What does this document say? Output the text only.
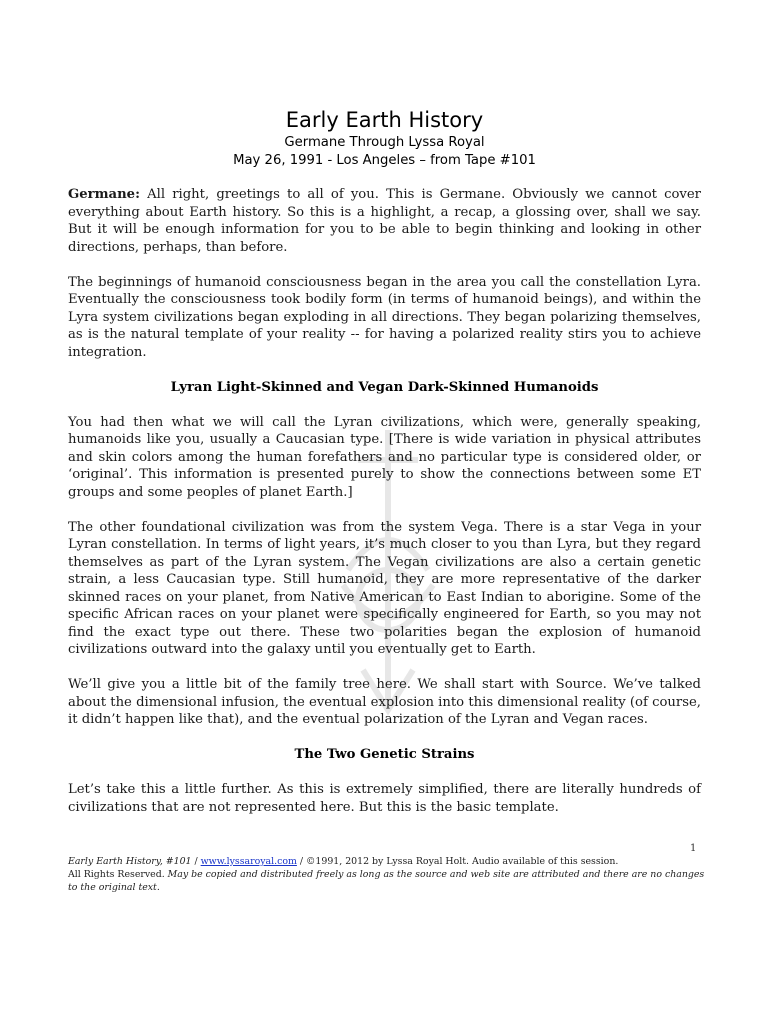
Early Earth History
Germane Through Lyssa Royal
May 26, 1991 - Los Angeles – from Tape #101

Germane: All right, greetings to all of you. This is Germane. Obviously we cannot cover everything about Earth history. So this is a highlight, a recap, a glossing over, shall we say. But it will be enough information for you to be able to begin thinking and looking in other directions, perhaps, than before.

The beginnings of humanoid consciousness began in the area you call the constellation Lyra. Eventually the consciousness took bodily form (in terms of humanoid beings), and within the Lyra system civilizations began exploding in all directions. They began polarizing themselves, as is the natural template of your reality -- for having a polarized reality stirs you to achieve integration.

Lyran Light-Skinned and Vegan Dark-Skinned Humanoids

You had then what we will call the Lyran civilizations, which were, generally speaking, humanoids like you, usually a Caucasian type. [There is wide variation in physical attributes and skin colors among the human forefathers and no particular type is considered older, or ‘original’. This information is presented purely to show the connections between some ET groups and some peoples of planet Earth.]

The other foundational civilization was from the system Vega. There is a star Vega in your Lyran constellation. In terms of light years, it’s much closer to you than Lyra, but they regard themselves as part of the Lyran system. The Vegan civilizations are also a certain genetic strain, a less Caucasian type. Still humanoid, they are more representative of the darker skinned races on your planet, from Native American to East Indian to aborigine. Some of the specific African races on your planet were specifically engineered for Earth, so you may not find the exact type out there. These two polarities began the explosion of humanoid civilizations outward into the galaxy until you eventually get to Earth.

We’ll give you a little bit of the family tree here. We shall start with Source. We’ve talked about the dimensional infusion, the eventual explosion into this dimensional reality (of course, it didn’t happen like that), and the eventual polarization of the Lyran and Vegan races.

The Two Genetic Strains

Let’s take this a little further. As this is extremely simplified, there are literally hundreds of civilizations that are not represented here. But this is the basic template.

1
Early Earth History, #101 / www.lyssaroyal.com / ©1991, 2012 by Lyssa Royal Holt. Audio available of this session.
All Rights Reserved. May be copied and distributed freely as long as the source and web site are attributed and there are no changes to the original text.
